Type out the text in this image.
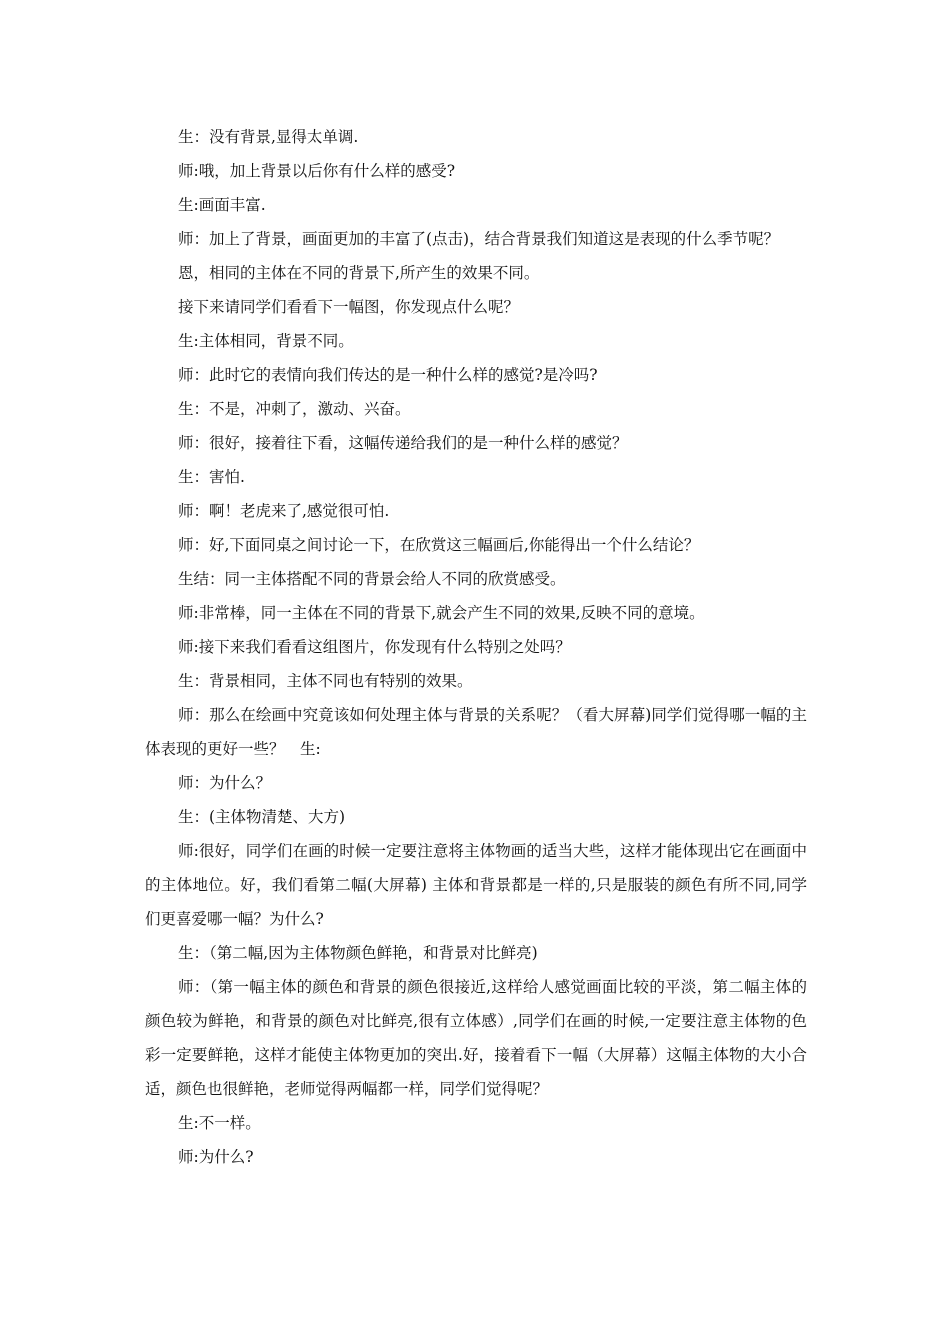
生：没有背景,显得太单调.

师:哦，加上背景以后你有什么样的感受?

生:画面丰富.

师：加上了背景，画面更加的丰富了(点击)，结合背景我们知道这是表现的什么季节呢？

恩，相同的主体在不同的背景下,所产生的效果不同。

接下来请同学们看看下一幅图，你发现点什么呢？

生:主体相同，背景不同。

师：此时它的表情向我们传达的是一种什么样的感觉?是冷吗?

生：不是，冲刺了，激动、兴奋。

师：很好，接着往下看，这幅传递给我们的是一种什么样的感觉？

生：害怕.

师：啊！老虎来了,感觉很可怕.

师：好,下面同桌之间讨论一下，在欣赏这三幅画后,你能得出一个什么结论？

生结：同一主体搭配不同的背景会给人不同的欣赏感受。

师:非常棒，同一主体在不同的背景下,就会产生不同的效果,反映不同的意境。

师:接下来我们看看这组图片，你发现有什么特别之处吗？

生：背景相同，主体不同也有特别的效果。

师：那么在绘画中究竟该如何处理主体与背景的关系呢？（看大屏幕)同学们觉得哪一幅的主体表现的更好一些？　生:

师：为什么？

生：(主体物清楚、大方)

师:很好，同学们在画的时候一定要注意将主体物画的适当大些，这样才能体现出它在画面中的主体地位。好，我们看第二幅(大屏幕) 主体和背景都是一样的,只是服装的颜色有所不同,同学们更喜爱哪一幅？为什么?

生：（第二幅,因为主体物颜色鲜艳，和背景对比鲜亮)

师：（第一幅主体的颜色和背景的颜色很接近,这样给人感觉画面比较的平淡，第二幅主体的颜色较为鲜艳，和背景的颜色对比鲜亮,很有立体感）,同学们在画的时候,一定要注意主体物的色彩一定要鲜艳，这样才能使主体物更加的突出.好，接着看下一幅（大屏幕）这幅主体物的大小合适，颜色也很鲜艳，老师觉得两幅都一样，同学们觉得呢？

生:不一样。

师:为什么?
